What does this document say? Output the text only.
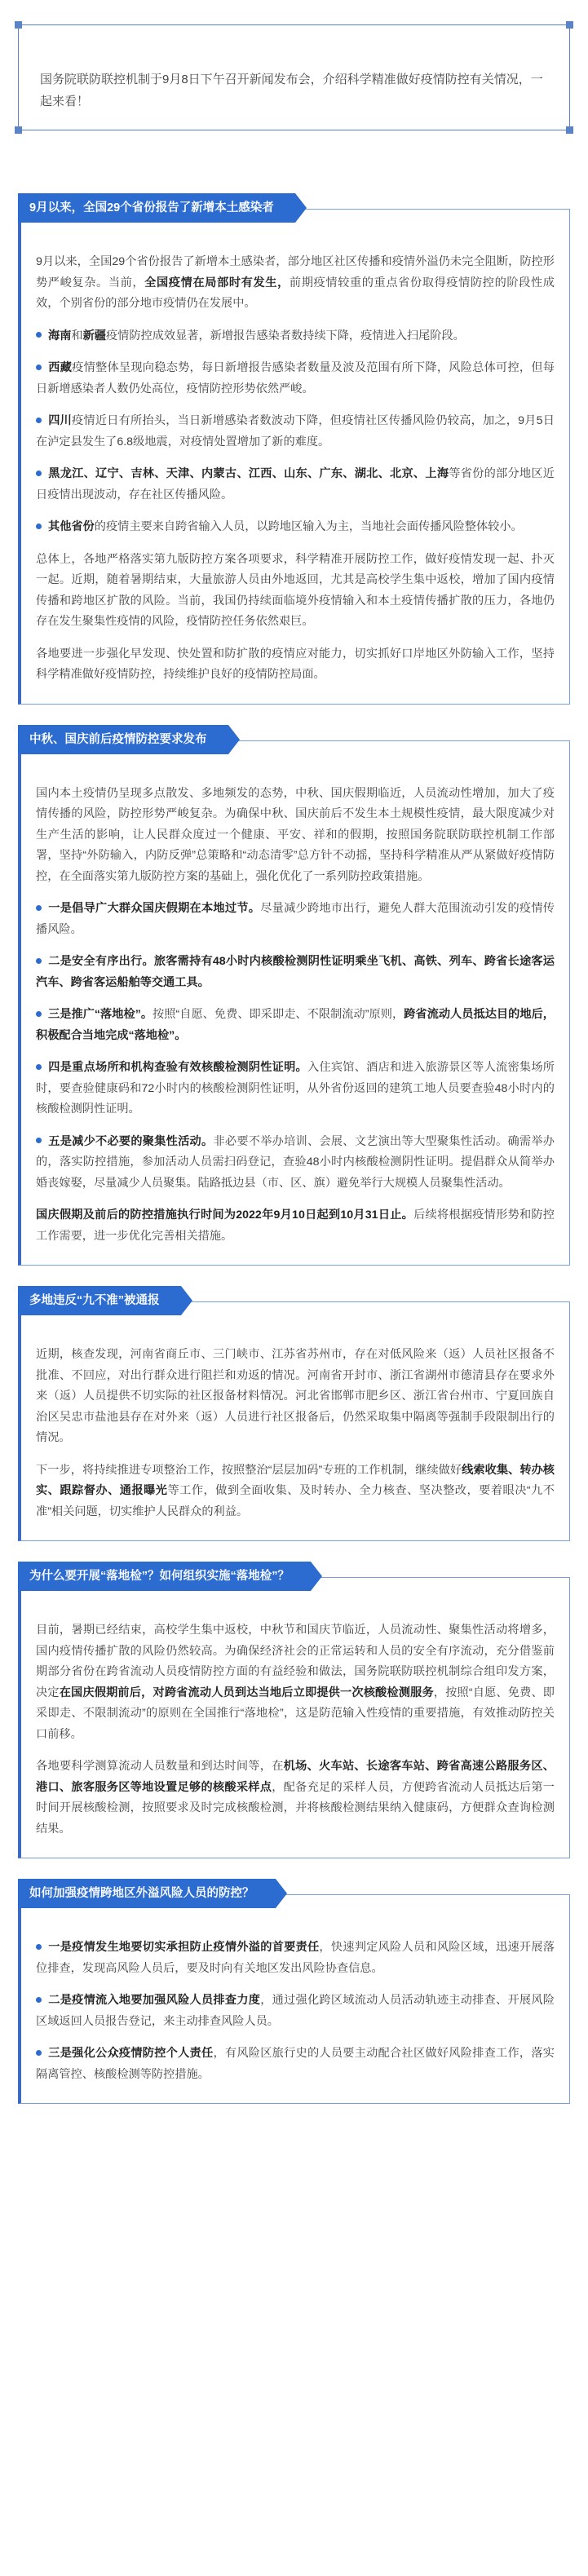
国务院联防联控机制于9月8日下午召开新闻发布会，介绍科学精准做好疫情防控有关情况，一起来看！
9月以来，全国29个省份报告了新增本土感染者

9月以来，全国29个省份报告了新增本土感染者，部分地区社区传播和疫情外溢仍未完全阻断，防控形势严峻复杂。当前，全国疫情在局部时有发生，前期疫情较重的重点省份取得疫情防控的阶段性成效，个别省份的部分地市疫情仍在发展中。

海南和新疆疫情防控成效显著，新增报告感染者数持续下降，疫情进入扫尾阶段。

西藏疫情整体呈现向稳态势，每日新增报告感染者数量及波及范围有所下降，风险总体可控，但每日新增感染者人数仍处高位，疫情防控形势依然严峻。

四川疫情近日有所抬头，当日新增感染者数波动下降，但疫情社区传播风险仍较高，加之，9月5日在泸定县发生了6.8级地震，对疫情处置增加了新的难度。

黑龙江、辽宁、吉林、天津、内蒙古、江西、山东、广东、湖北、北京、上海等省份的部分地区近日疫情出现波动，存在社区传播风险。

其他省份的疫情主要来自跨省输入人员，以跨地区输入为主，当地社会面传播风险整体较小。

总体上，各地严格落实第九版防控方案各项要求，科学精准开展防控工作，做好疫情发现一起、扑灭一起。近期，随着暑期结束，大量旅游人员由外地返回，尤其是高校学生集中返校，增加了国内疫情传播和跨地区扩散的风险。当前，我国仍持续面临境外疫情输入和本土疫情传播扩散的压力，各地仍存在发生聚集性疫情的风险，疫情防控任务依然艰巨。

各地要进一步强化早发现、快处置和防扩散的疫情应对能力，切实抓好口岸地区外防输入工作，坚持科学精准做好疫情防控，持续维护良好的疫情防控局面。

中秋、国庆前后疫情防控要求发布

国内本土疫情仍呈现多点散发、多地频发的态势，中秋、国庆假期临近，人员流动性增加，加大了疫情传播的风险，防控形势严峻复杂。为确保中秋、国庆前后不发生本土规模性疫情，最大限度减少对生产生活的影响，让人民群众度过一个健康、平安、祥和的假期，按照国务院联防联控机制工作部署，坚持“外防输入，内防反弹”总策略和“动态清零”总方针不动摇，坚持科学精准从严从紧做好疫情防控，在全面落实第九版防控方案的基础上，强化优化了一系列防控政策措施。

一是倡导广大群众国庆假期在本地过节。尽量减少跨地市出行，避免人群大范围流动引发的疫情传播风险。

二是安全有序出行。旅客需持有48小时内核酸检测阴性证明乘坐飞机、高铁、列车、跨省长途客运汽车、跨省客运船舶等交通工具。

三是推广“落地检”。按照“自愿、免费、即采即走、不限制流动”原则，跨省流动人员抵达目的地后，积极配合当地完成“落地检”。

四是重点场所和机构查验有效核酸检测阴性证明。入住宾馆、酒店和进入旅游景区等人流密集场所时，要查验健康码和72小时内的核酸检测阴性证明，从外省份返回的建筑工地人员要查验48小时内的核酸检测阴性证明。

五是减少不必要的聚集性活动。非必要不举办培训、会展、文艺演出等大型聚集性活动。确需举办的，落实防控措施，参加活动人员需扫码登记，查验48小时内核酸检测阴性证明。提倡群众从简举办婚丧嫁娶，尽量减少人员聚集。陆路抵边县（市、区、旗）避免举行大规模人员聚集性活动。

国庆假期及前后的防控措施执行时间为2022年9月10日起到10月31日止。后续将根据疫情形势和防控工作需要，进一步优化完善相关措施。

多地违反“九不准”被通报

近期，核查发现，河南省商丘市、三门峡市、江苏省苏州市，存在对低风险来（返）人员社区报备不批准、不回应，对出行群众进行阻拦和劝返的情况。河南省开封市、浙江省湖州市德清县存在要求外来（返）人员提供不切实际的社区报备材料情况。河北省邯郸市肥乡区、浙江省台州市、宁夏回族自治区吴忠市盐池县存在对外来（返）人员进行社区报备后，仍然采取集中隔离等强制手段限制出行的情况。

下一步，将持续推进专项整治工作，按照整治“层层加码”专班的工作机制，继续做好线索收集、转办核实、跟踪督办、通报曝光等工作，做到全面收集、及时转办、全力核查、坚决整改，要着眼决“九不准”相关问题，切实维护人民群众的利益。

为什么要开展“落地检”？如何组织实施“落地检”？

目前，暑期已经结束，高校学生集中返校，中秋节和国庆节临近，人员流动性、聚集性活动将增多，国内疫情传播扩散的风险仍然较高。为确保经济社会的正常运转和人员的安全有序流动，充分借鉴前期部分省份在跨省流动人员疫情防控方面的有益经验和做法，国务院联防联控机制综合组印发方案，决定在国庆假期前后，对跨省流动人员到达当地后立即提供一次核酸检测服务，按照“自愿、免费、即采即走、不限制流动”的原则在全国推行“落地检”，这是防范输入性疫情的重要措施，有效推动防控关口前移。

各地要科学测算流动人员数量和到达时间等，在机场、火车站、长途客车站、跨省高速公路服务区、港口、旅客服务区等地设置足够的核酸采样点，配备充足的采样人员，方便跨省流动人员抵达后第一时间开展核酸检测，按照要求及时完成核酸检测，并将核酸检测结果纳入健康码，方便群众查询检测结果。

如何加强疫情跨地区外溢风险人员的防控？

一是疫情发生地要切实承担防止疫情外溢的首要责任，快速判定风险人员和风险区域，迅速开展落位排查，发现高风险人员后，要及时向有关地区发出风险协查信息。

二是疫情流入地要加强风险人员排查力度，通过强化跨区域流动人员活动轨迹主动排查、开展风险区域返回人员报告登记，来主动排查风险人员。

三是强化公众疫情防控个人责任，有风险区旅行史的人员要主动配合社区做好风险排查工作，落实隔离管控、核酸检测等防控措施。
